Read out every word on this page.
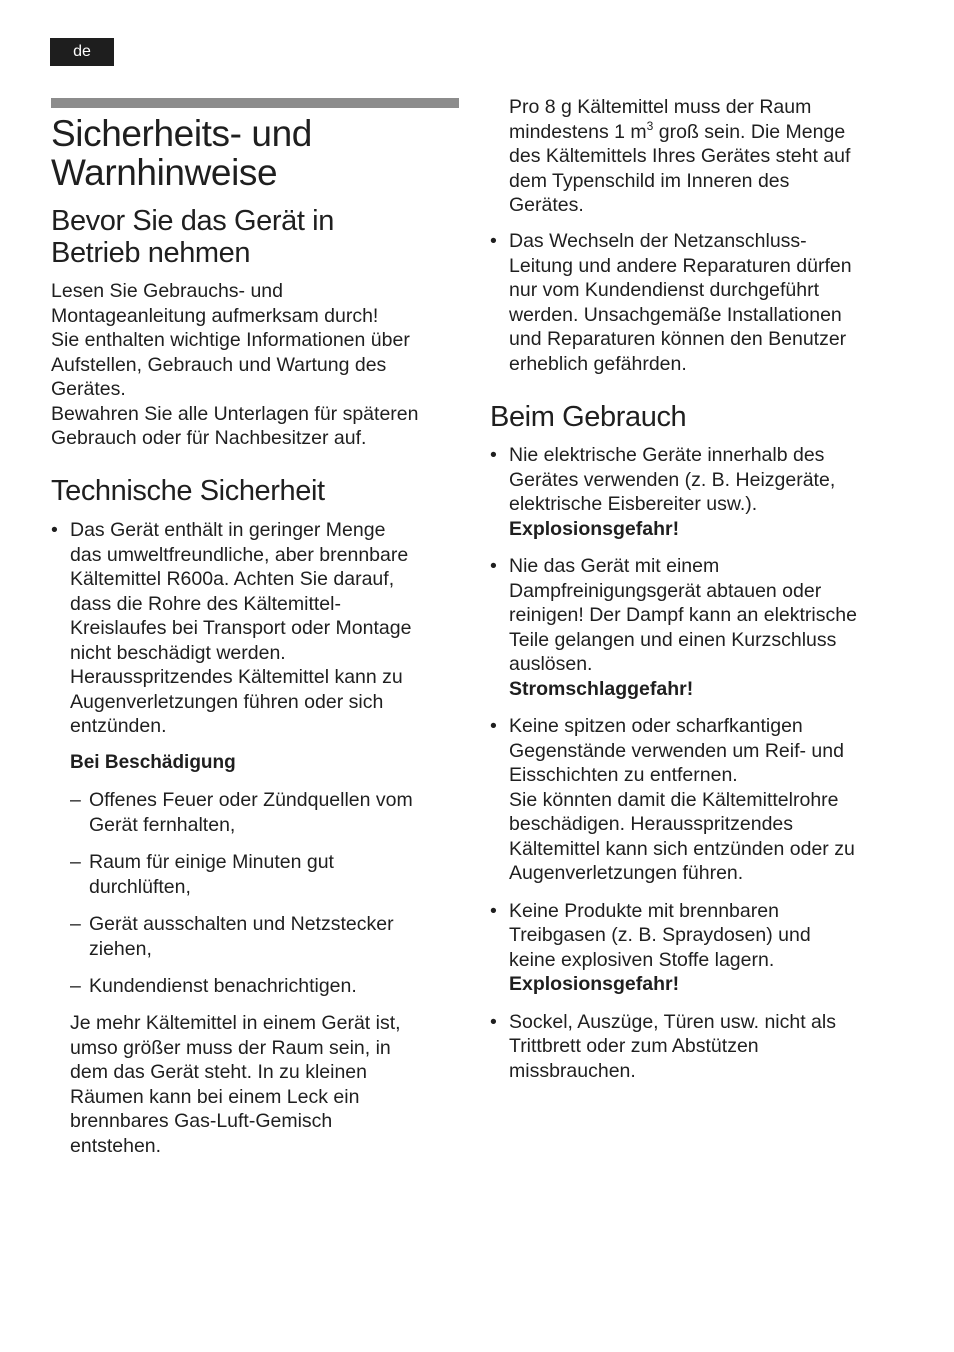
de
Sicherheits- und
Warnhinweise
Bevor Sie das Gerät in
Betrieb nehmen
Lesen Sie Gebrauchs- und
Montageanleitung aufmerksam durch!
Sie enthalten wichtige Informationen über
Aufstellen, Gebrauch und Wartung des
Gerätes.
Bewahren Sie alle Unterlagen für späteren
Gebrauch oder für Nachbesitzer auf.
Technische Sicherheit
• Das Gerät enthält in geringer Menge
das umweltfreundliche, aber brennbare
Kältemittel R600a. Achten Sie darauf,
dass die Rohre des Kältemittel-
Kreislaufes bei Transport oder Montage
nicht beschädigt werden.
Herausspritzendes Kältemittel kann zu
Augenverletzungen führen oder sich
entzünden.
Bei Beschädigung
– Offenes Feuer oder Zündquellen vom
Gerät fernhalten,
– Raum für einige Minuten gut
durchlüften,
– Gerät ausschalten und Netzstecker
ziehen,
– Kundendienst benachrichtigen.
Je mehr Kältemittel in einem Gerät ist,
umso größer muss der Raum sein, in
dem das Gerät steht. In zu kleinen
Räumen kann bei einem Leck ein
brennbares Gas-Luft-Gemisch
entstehen.
Pro 8 g Kältemittel muss der Raum
mindestens 1 $m^3$ groß sein. Die Menge
des Kältemittels Ihres Gerätes steht auf
dem Typenschild im Inneren des
Gerätes.
• Das Wechseln der Netzanschluss-
Leitung und andere Reparaturen dürfen
nur vom Kundendienst durchgeführt
werden. Unsachgemäße Installationen
und Reparaturen können den Benutzer
erheblich gefährden.
Beim Gebrauch
• Nie elektrische Geräte innerhalb des
Gerätes verwenden (z. B. Heizgeräte,
elektrische Eisbereiter usw.).
Explosionsgefahr!
• Nie das Gerät mit einem
Dampfreinigungsgerät abtauen oder
reinigen! Der Dampf kann an elektrische
Teile gelangen und einen Kurzschluss
auslösen.
Stromschlaggefahr!
• Keine spitzen oder scharfkantigen
Gegenstände verwenden um Reif- und
Eisschichten zu entfernen.
Sie könnten damit die Kältemittelrohre
beschädigen. Herausspritzendes
Kältemittel kann sich entzünden oder zu
Augenverletzungen führen.
• Keine Produkte mit brennbaren
Treibgasen (z. B. Spraydosen) und
keine explosiven Stoffe lagern.
Explosionsgefahr!
• Sockel, Auszüge, Türen usw. nicht als
Trittbrett oder zum Abstützen
missbrauchen.
